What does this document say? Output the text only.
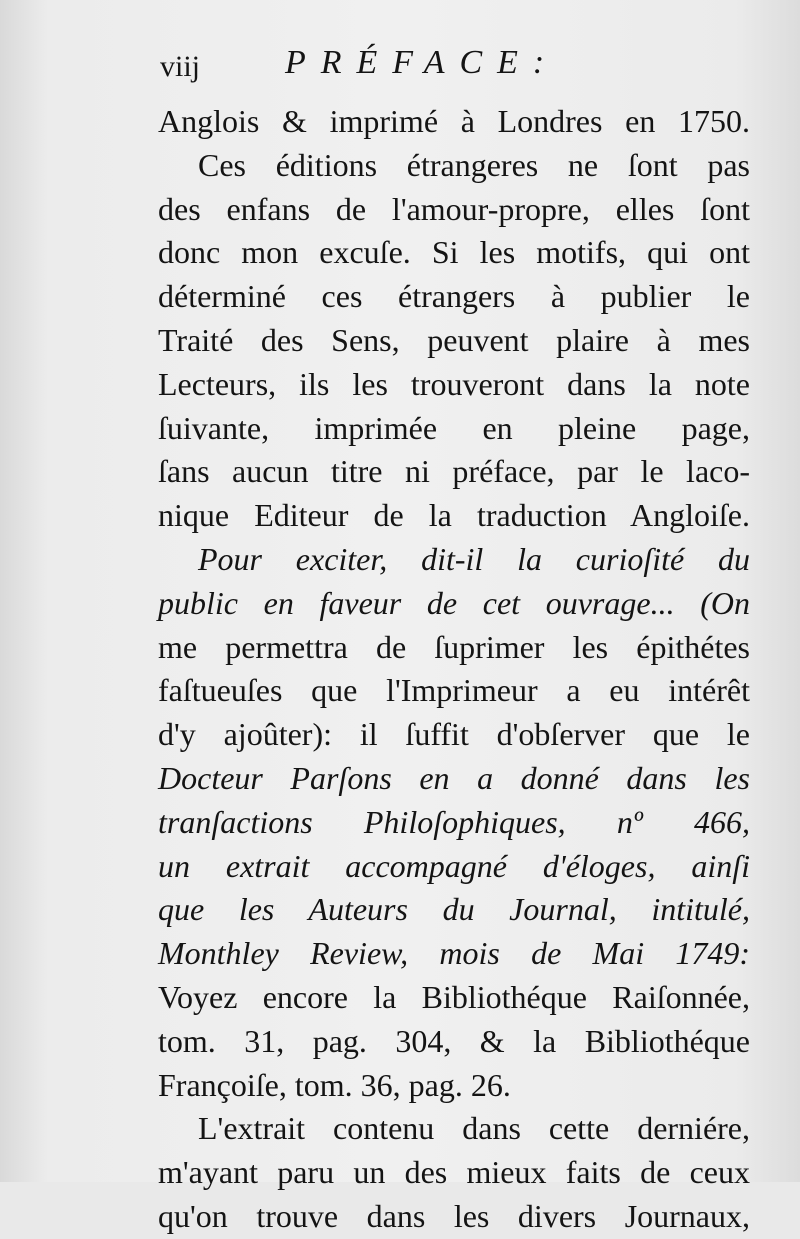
viij PRÉFACE:
Anglois & imprimé à Londres en 1750.
Ces éditions étrangeres ne ſont pas
des enfans de l'amour-propre, elles ſont
donc mon excuſe. Si les motifs, qui ont
déterminé ces étrangers à publier le
Traité des Sens, peuvent plaire à mes
Lecteurs, ils les trouveront dans la note
ſuivante, imprimée en pleine page,
ſans aucun titre ni préface, par le laco-
nique Editeur de la traduction Angloiſe.
Pour exciter, dit-il la curioſité du
public en faveur de cet ouvrage... (On
me permettra de ſuprimer les épithétes
faſtueuſes que l'Imprimeur a eu intérêt
d'y ajoûter): il ſuffit d'obſerver que le
Docteur Parſons en a donné dans les
tranſactions Philoſophiques, nº 466,
un extrait accompagné d'éloges, ainſi
que les Auteurs du Journal, intitulé,
Monthley Review, mois de Mai 1749:
Voyez encore la Bibliothéque Raiſonnée,
tom. 31, pag. 304, & la Bibliothéque
Françoiſe, tom. 36, pag. 26.
L'extrait contenu dans cette derniére,
m'ayant paru un des mieux faits de ceux
qu'on trouve dans les divers Journaux,
